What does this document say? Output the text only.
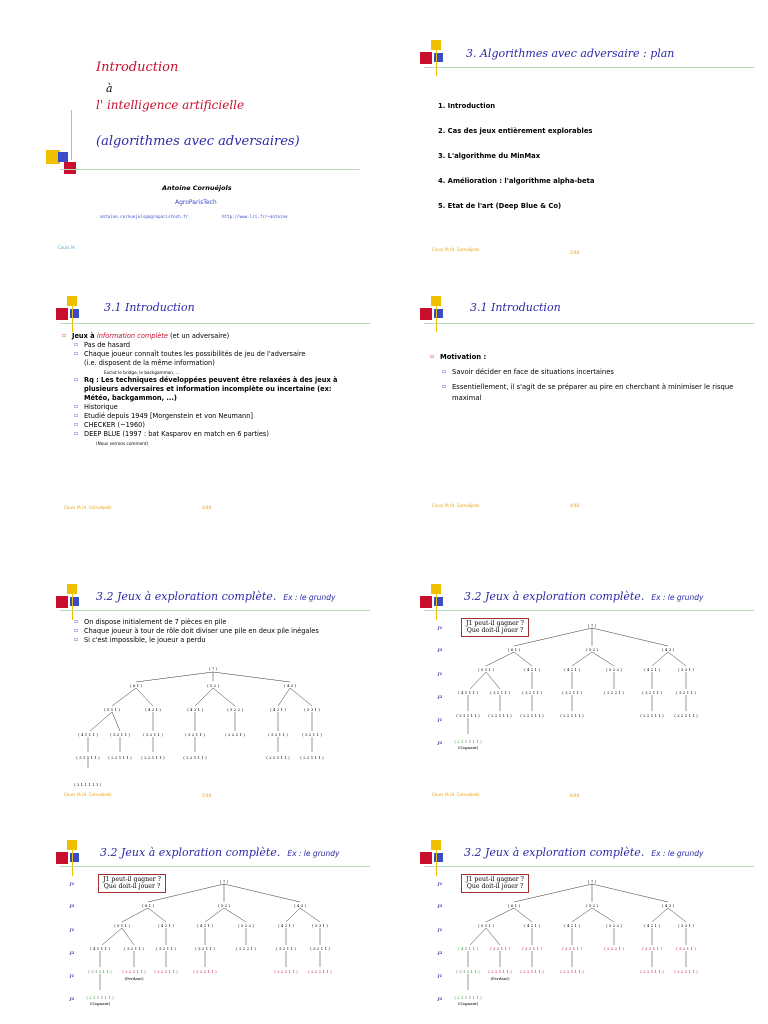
Introduction
à
l' intelligence artificielle
(algorithmes avec adversaires)
Antoine Cornuéjols
AgroParisTech
antoine.cornuejols@agroparistech.fr	http://www.lri.fr/~antoine
Cours IA
3. Algorithmes avec adversaire : plan
1. Introduction
2. Cas des jeux entièrement explorables
3. L'algorithme du MinMax
4. Amélioration : l'algorithme alpha-beta
5. Etat de l'art (Deep Blue & Co)
Cours IA (A. Cornuéjols)
2/48
3.1 Introduction
▫ Jeux à information complète (et un adversaire)
▫ Pas de hasard
▫ Chaque joueur connaît toutes les possibilités de jeu de l'adversaire
(i.e. disposent de la même information)
Exclut le bridge, le backgammon, ...
▫ Rq : Les techniques développées peuvent être relaxées à des jeux à plusieurs adversaires et information incomplète ou incertaine (ex: Météo, backgammon, ...)
▫ Historique
▫ Etudié depuis 1949 [Morgenstein et von Neumann]
▫ CHECKER (~1960)
▫ DEEP BLUE (1997 : bat Kasparov en match en 6 parties)
(Nous verrons comment)
Cours IA (A. Cornuéjols)	3/48
3.1 Introduction
▫ Motivation :
▫ Savoir décider en face de situations incertaines
▫ Essentiellement, il s'agit de se préparer au pire en cherchant à minimiser le risque maximal
Cours IA (A. Cornuéjols)	4/48
3.2 Jeux à exploration complète. Ex : le grundy
▫ On dispose initialement de 7 pièces en pile
▫ Chaque joueur à tour de rôle doit diviser une pile en deux pile inégales
▫ Si c'est impossible, le joueur a perdu
( 7 )
( 6 1 )	( 5 2 )	( 4 3 )
( 5 1 1 )	( 4 2 1 )	( 4 2 1 )	( 3 2 2 )	( 4 2 1 )	( 3 3 1 )
( 4 1 1 1 )	( 3 2 1 1 )	( 3 2 1 1 )	( 3 2 1 1 )	( 2 2 2 1 )	( 3 2 1 1 )	( 3 2 1 1 )
( 3 1 1 1 1 ) ( 2 2 1 1 1 ) ( 2 2 1 1 1 )	( 2 2 1 1 1 )	( 2 2 1 1 1 )	( 2 2 1 1 1 )
( 2 1 1 1 1 1 )
Cours IA (A. Cornuéjols)	5/48
3.2 Jeux à exploration complète. Ex : le grundy
J1 peut-il gagner ?
Que doit-il jouer ?
J1
J2
J1
J2
J1
J2
( 7 )
( 6 1 )	( 5 2 )	( 4 3 )
( 5 1 1 )	( 4 2 1 )	( 4 2 1 )	( 3 2 2 )	( 4 2 1 )	( 3 3 1 )
( 4 1 1 1 )	( 3 2 1 1 )	( 3 2 1 1 )	( 3 2 1 1 )	( 2 2 2 1 )	( 3 2 1 1 )	( 3 2 1 1 )
( 3 1 1 1 1 ) ( 2 2 1 1 1 ) ( 2 2 1 1 1 )	( 2 2 1 1 1 )	( 2 2 1 1 1 )	( 2 2 1 1 1 )
( 2 1 1 1 1 1 )
(Gagnant)
Cours IA (A. Cornuéjols)	6/48
3.2 Jeux à exploration complète. Ex : le grundy
J1 peut-il gagner ?
Que doit-il jouer ?
J1
J2
J1
J2
J1
J2
( 7 )
( 6 1 )	( 5 2 )	( 4 3 )
( 5 1 1 )	( 4 2 1 )	( 4 2 1 )	( 3 2 2 )	( 4 2 1 )	( 3 3 1 )
( 4 1 1 1 )	( 3 2 1 1 )	( 3 2 1 1 )	( 3 2 1 1 )	( 2 2 2 1 )	( 3 2 1 1 )	( 3 2 1 1 )
( 3 1 1 1 1 )	( 2 2 1 1 1 ) ( 2 2 1 1 1 )	( 2 2 1 1 1 )	( 2 2 1 1 1 )	( 2 2 1 1 1 )
(Perdant)
( 2 1 1 1 1 1 )
(Gagnant)
3.2 Jeux à exploration complète. Ex : le grundy
J1 peut-il gagner ?
Que doit-il jouer ?
J1
J2
J1
J2
J1
J2
( 7 )
( 6 1 )	( 5 2 )	( 4 3 )
( 5 1 1 )	( 4 2 1 )	( 4 2 1 )	( 3 2 2 )	( 4 2 1 )	( 3 3 1 )
( 4 1 1 1 )	( 3 2 1 1 )	( 3 2 1 1 )	( 3 2 1 1 )	( 2 2 2 1 )	( 3 2 1 1 )	( 3 2 1 1 )
( 3 1 1 1 1 ) ( 2 2 1 1 1 ) ( 2 2 1 1 1 )	( 2 2 1 1 1 )	( 2 2 1 1 1 )	( 2 2 1 1 1 )
(Perdant)
( 2 1 1 1 1 1 )
(Gagnant)
